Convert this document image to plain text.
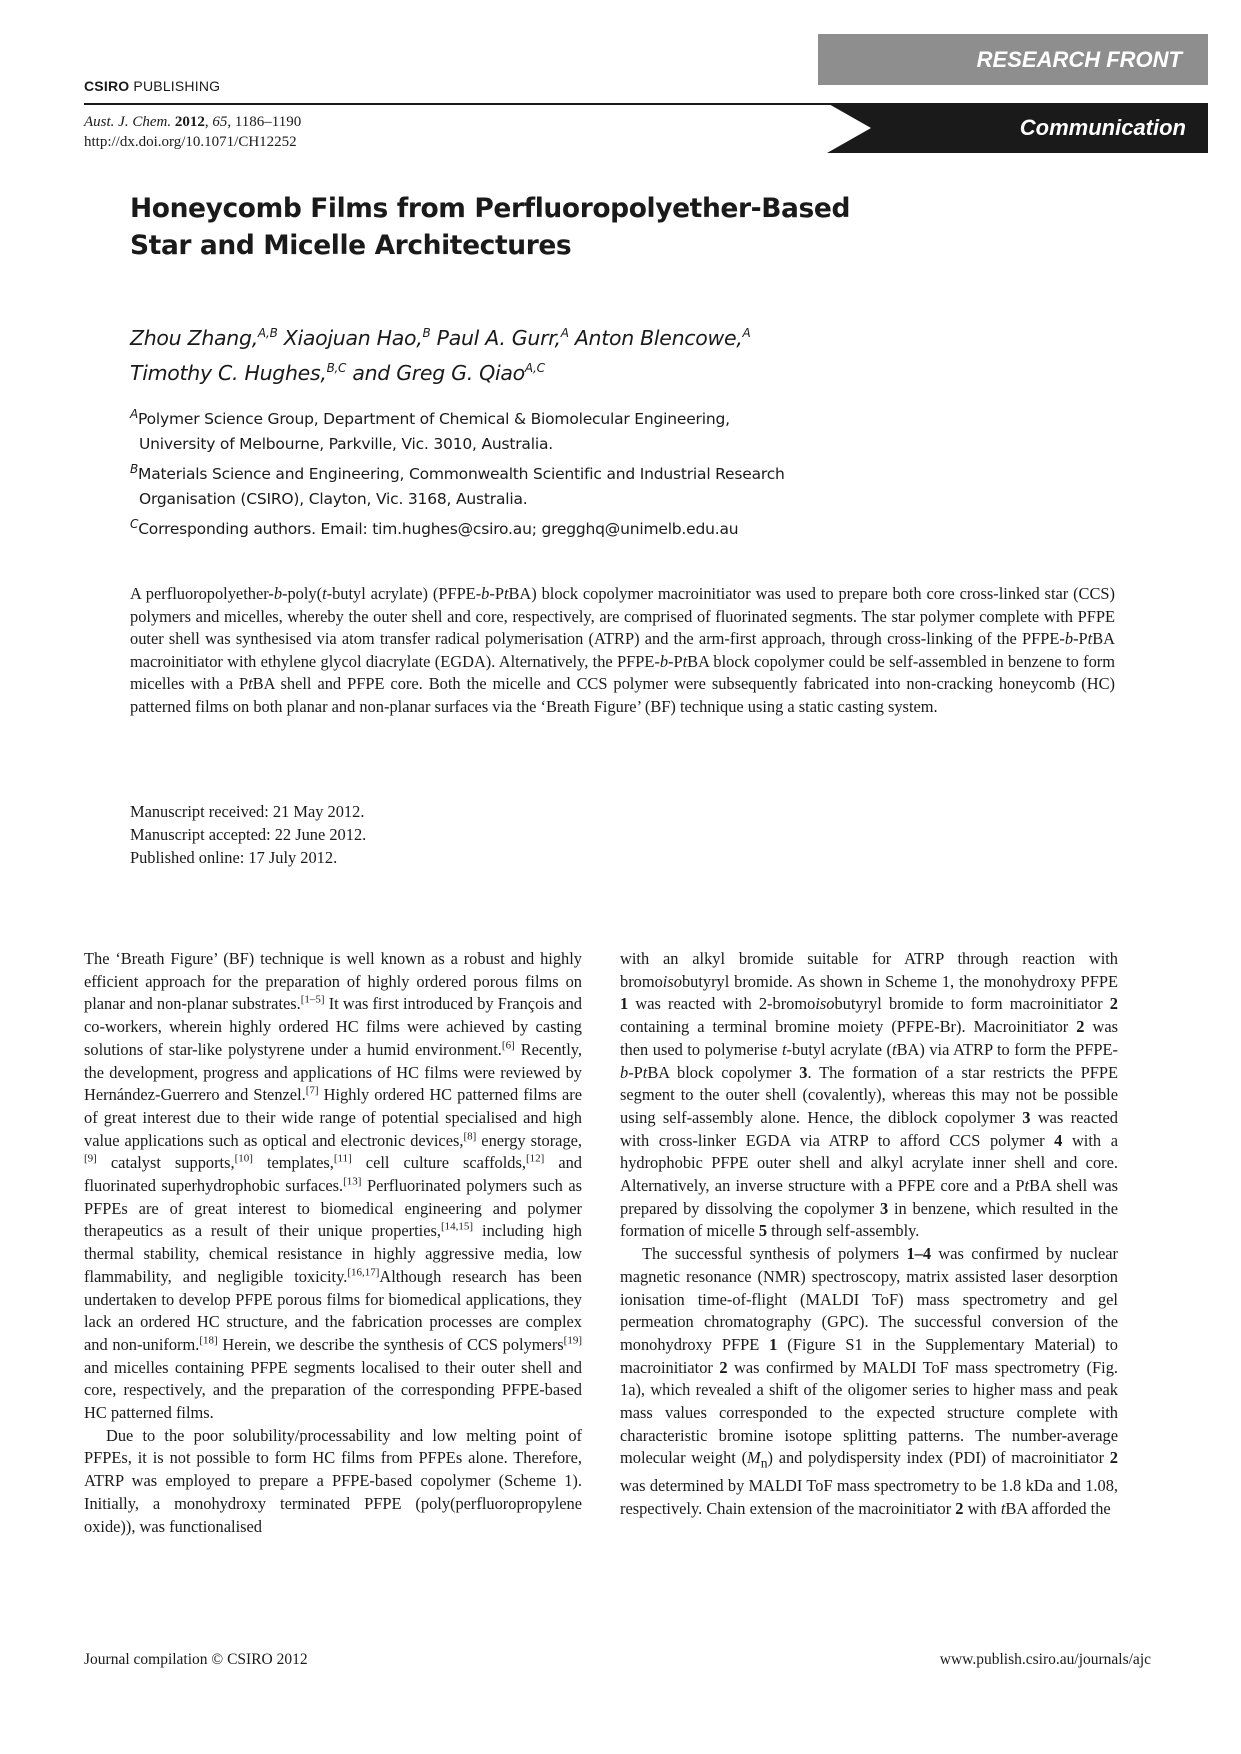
CSIRO PUBLISHING
RESEARCH FRONT
Communication
Aust. J. Chem. 2012, 65, 1186–1190
http://dx.doi.org/10.1071/CH12252
Honeycomb Films from Perfluoropolyether-Based
Star and Micelle Architectures
Zhou Zhang,$^{A,B}$ Xiaojuan Hao,$^B$ Paul A. Gurr,$^A$ Anton Blencowe,$^A$
Timothy C. Hughes,$^{B,C}$ and Greg G. Qiao$^{A,C}$
$^A$Polymer Science Group, Department of Chemical & Biomolecular Engineering,
University of Melbourne, Parkville, Vic. 3010, Australia.
$^B$Materials Science and Engineering, Commonwealth Scientific and Industrial Research
Organisation (CSIRO), Clayton, Vic. 3168, Australia.
$^C$Corresponding authors. Email: tim.hughes@csiro.au; gregghq@unimelb.edu.au

A perfluoropolyether-b-poly(t-butyl acrylate) (PFPE-b-PtBA) block copolymer macroinitiator was used to prepare both core cross-linked star (CCS) polymers and micelles, whereby the outer shell and core, respectively, are comprised of fluorinated segments. The star polymer complete with PFPE outer shell was synthesised via atom transfer radical polymerisation (ATRP) and the arm-first approach, through cross-linking of the PFPE-b-PtBA macroinitiator with ethylene glycol diacrylate (EGDA). Alternatively, the PFPE-b-PtBA block copolymer could be self-assembled in benzene to form micelles with a PtBA shell and PFPE core. Both the micelle and CCS polymer were subsequently fabricated into non-cracking honeycomb (HC) patterned films on both planar and non-planar surfaces via the ‘Breath Figure’ (BF) technique using a static casting system.

Manuscript received: 21 May 2012.
Manuscript accepted: 22 June 2012.
Published online: 17 July 2012.

The ‘Breath Figure’ (BF) technique is well known as a robust and highly efficient approach for the preparation of highly ordered porous films on planar and non-planar substrates.[1–5] It was first introduced by François and co-workers, wherein highly ordered HC films were achieved by casting solutions of star-like polystyrene under a humid environment.[6] Recently, the development, progress and applications of HC films were reviewed by Hernández-Guerrero and Stenzel.[7] Highly ordered HC patterned films are of great interest due to their wide range of potential specialised and high value applications such as optical and electronic devices,[8] energy storage,[9] catalyst supports,[10] templates,[11] cell culture scaffolds,[12] and fluorinated superhydrophobic surfaces.[13] Perfluorinated polymers such as PFPEs are of great interest to biomedical engineering and polymer therapeutics as a result of their unique properties,[14,15] including high thermal stability, chemical resistance in highly aggressive media, low flammability, and negligible toxicity.[16,17]Although research has been undertaken to develop PFPE porous films for biomedical applications, they lack an ordered HC structure, and the fabrication processes are complex and non-uniform.[18] Herein, we describe the synthesis of CCS polymers[19] and micelles containing PFPE segments localised to their outer shell and core, respectively, and the preparation of the corresponding PFPE-based HC patterned films.

Due to the poor solubility/processability and low melting point of PFPEs, it is not possible to form HC films from PFPEs alone. Therefore, ATRP was employed to prepare a PFPE-based copolymer (Scheme 1). Initially, a monohydroxy terminated PFPE (poly(perfluoropropylene oxide)), was functionalised

with an alkyl bromide suitable for ATRP through reaction with bromoisobutyryl bromide. As shown in Scheme 1, the monohydroxy PFPE 1 was reacted with 2-bromoisobutyryl bromide to form macroinitiator 2 containing a terminal bromine moiety (PFPE-Br). Macroinitiator 2 was then used to polymerise t-butyl acrylate (tBA) via ATRP to form the PFPE-b-PtBA block copolymer 3. The formation of a star restricts the PFPE segment to the outer shell (covalently), whereas this may not be possible using self-assembly alone. Hence, the diblock copolymer 3 was reacted with cross-linker EGDA via ATRP to afford CCS polymer 4 with a hydrophobic PFPE outer shell and alkyl acrylate inner shell and core. Alternatively, an inverse structure with a PFPE core and a PtBA shell was prepared by dissolving the copolymer 3 in benzene, which resulted in the formation of micelle 5 through self-assembly.

The successful synthesis of polymers 1–4 was confirmed by nuclear magnetic resonance (NMR) spectroscopy, matrix assisted laser desorption ionisation time-of-flight (MALDI ToF) mass spectrometry and gel permeation chromatography (GPC). The successful conversion of the monohydroxy PFPE 1 (Figure S1 in the Supplementary Material) to macroinitiator 2 was confirmed by MALDI ToF mass spectrometry (Fig. 1a), which revealed a shift of the oligomer series to higher mass and peak mass values corresponded to the expected structure complete with characteristic bromine isotope splitting patterns. The number-average molecular weight $(M_n)$ and polydispersity index (PDI) of macroinitiator 2 was determined by MALDI ToF mass spectrometry to be 1.8 kDa and 1.08, respectively. Chain extension of the macroinitiator 2 with tBA afforded the

Journal compilation © CSIRO 2012	www.publish.csiro.au/journals/ajc
